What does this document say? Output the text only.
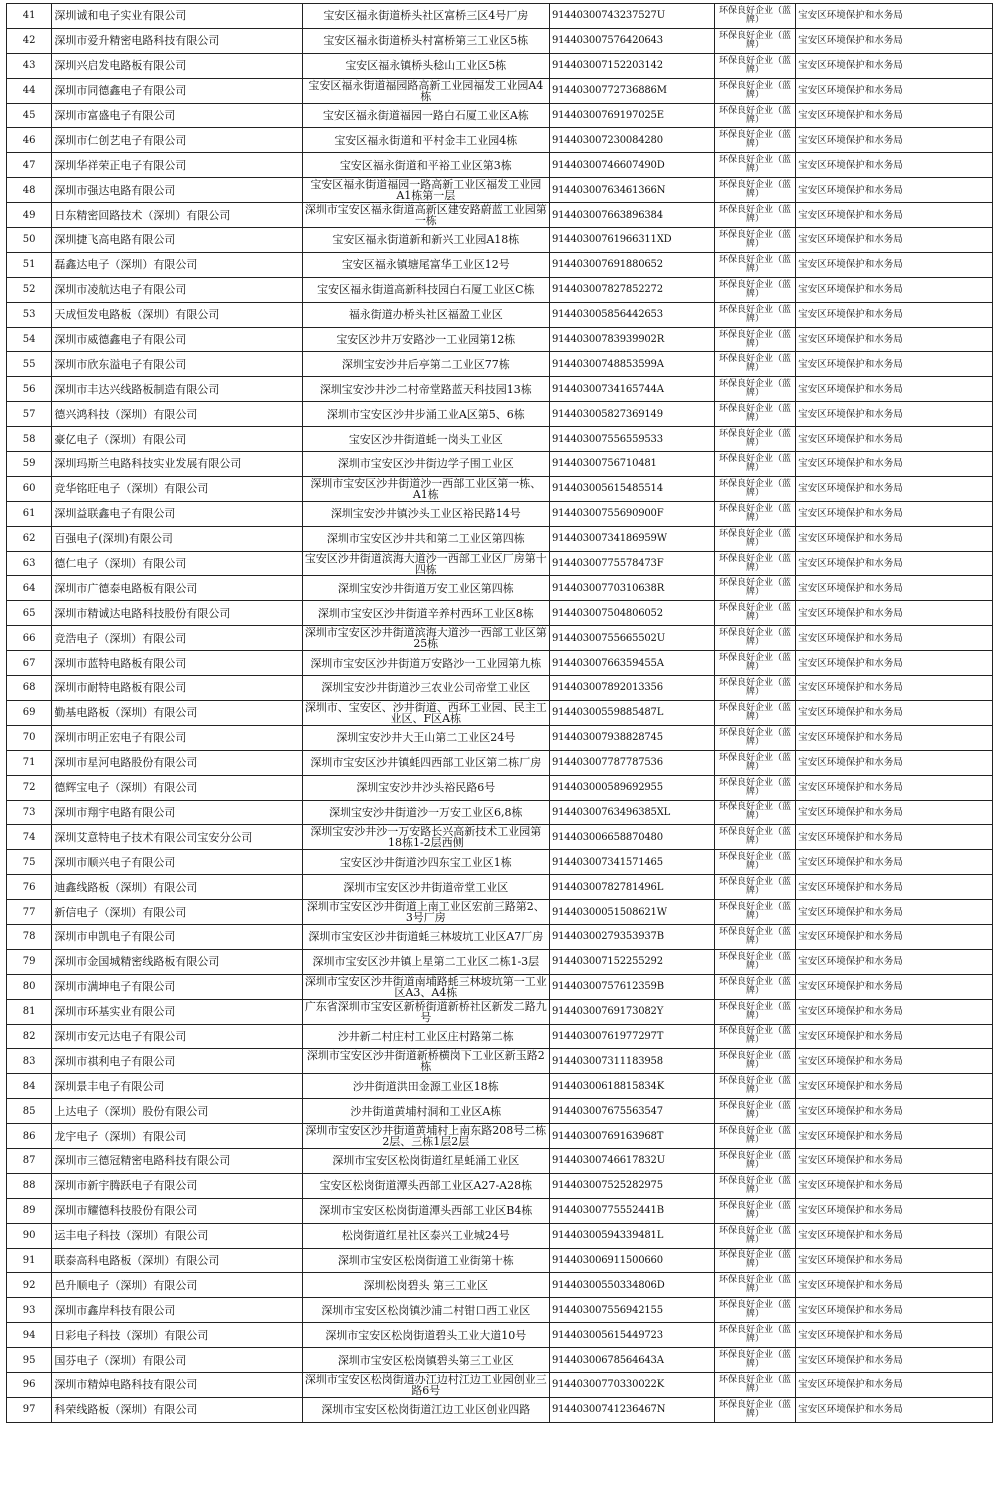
41	深圳诚和电子实业有限公司	宝安区福永街道桥头社区富桥三区4号厂房	91440300743237527U	环保良好企业（蓝牌）	宝安区环境保护和水务局
42	深圳市爱升精密电路科技有限公司	宝安区福永街道桥头村富桥第三工业区5栋	914403007576420643	环保良好企业（蓝牌）	宝安区环境保护和水务局
43	深圳兴启发电路板有限公司	宝安区福永镇桥头稔山工业区5栋	914403007152203142	环保良好企业（蓝牌）	宝安区环境保护和水务局
44	深圳市同德鑫电子有限公司	宝安区福永街道福园路高新工业园福发工业园A4栋	91440300772736886M	环保良好企业（蓝牌）	宝安区环境保护和水务局
45	深圳市富盛电子有限公司	宝安区福永街道福园一路白石厦工业区A栋	91440300769197025E	环保良好企业（蓝牌）	宝安区环境保护和水务局
46	深圳市仁创艺电子有限公司	宝安区福永街道和平村金丰工业园4栋	914403007230084280	环保良好企业（蓝牌）	宝安区环境保护和水务局
47	深圳华祥荣正电子有限公司	宝安区福永街道和平裕工业区第3栋	91440300746607490D	环保良好企业（蓝牌）	宝安区环境保护和水务局
48	深圳市强达电路有限公司	宝安区福永街道福园一路高新工业区福发工业园A1栋第一层	91440300763461366N	环保良好企业（蓝牌）	宝安区环境保护和水务局
49	日东精密回路技术（深圳）有限公司	深圳市宝安区福永街道高新区建安路蔚蓝工业园第一栋	914403007663896384	环保良好企业（蓝牌）	宝安区环境保护和水务局
50	深圳捷飞高电路有限公司	宝安区福永街道新和新兴工业园A18栋	91440300761966311XD	环保良好企业（蓝牌）	宝安区环境保护和水务局
51	磊鑫达电子（深圳）有限公司	宝安区福永镇塘尾富华工业区12号	914403007691880652	环保良好企业（蓝牌）	宝安区环境保护和水务局
52	深圳市凌航达电子有限公司	宝安区福永街道高新科技园白石厦工业区C栋	914403007827852272	环保良好企业（蓝牌）	宝安区环境保护和水务局
53	天成恒发电路板（深圳）有限公司	福永街道办桥头社区福盈工业区	914403005856442653	环保良好企业（蓝牌）	宝安区环境保护和水务局
54	深圳市威德鑫电子有限公司	宝安区沙井万安路沙一工业园第12栋	91440300783939902R	环保良好企业（蓝牌）	宝安区环境保护和水务局
55	深圳市欣东溢电子有限公司	深圳宝安沙井后亭第二工业区77栋	91440300748853599A	环保良好企业（蓝牌）	宝安区环境保护和水务局
56	深圳市丰达兴线路板制造有限公司	深圳宝安沙井沙二村帝堂路蓝天科技园13栋	91440300734165744A	环保良好企业（蓝牌）	宝安区环境保护和水务局
57	德兴鸿科技（深圳）有限公司	深圳市宝安区沙井步涌工业A区第5、6栋	914403005827369149	环保良好企业（蓝牌）	宝安区环境保护和水务局
58	豪亿电子（深圳）有限公司	宝安区沙井街道蚝一岗头工业区	914403007556559533	环保良好企业（蓝牌）	宝安区环境保护和水务局
59	深圳玛斯兰电路科技实业发展有限公司	深圳市宝安区沙井街边学子围工业区	91440300756710481	环保良好企业（蓝牌）	宝安区环境保护和水务局
60	竞华铭旺电子（深圳）有限公司	深圳市宝安区沙井街道沙一西部工业区第一栋、A1栋	914403005615485514	环保良好企业（蓝牌）	宝安区环境保护和水务局
61	深圳益联鑫电子有限公司	深圳宝安沙井镇沙头工业区裕民路14号	91440300755690900F	环保良好企业（蓝牌）	宝安区环境保护和水务局
62	百强电子(深圳)有限公司	深圳市宝安区沙井共和第二工业区第四栋	91440300734186959W	环保良好企业（蓝牌）	宝安区环境保护和水务局
63	德仁电子（深圳）有限公司	宝安区沙井街道滨海大道沙一西部工业区厂房第十四栋	91440300775578473F	环保良好企业（蓝牌）	宝安区环境保护和水务局
64	深圳市广德泰电路板有限公司	深圳宝安沙井街道万安工业区第四栋	91440300770310638R	环保良好企业（蓝牌）	宝安区环境保护和水务局
65	深圳市精诚达电路科技股份有限公司	深圳市宝安区沙井街道辛养村西环工业区8栋	914403007504806052	环保良好企业（蓝牌）	宝安区环境保护和水务局
66	竞浩电子（深圳）有限公司	深圳市宝安区沙井街道滨海大道沙一西部工业区第25栋	91440300755665502U	环保良好企业（蓝牌）	宝安区环境保护和水务局
67	深圳市蓝特电路板有限公司	深圳市宝安区沙井街道万安路沙一工业园第九栋	91440300766359455A	环保良好企业（蓝牌）	宝安区环境保护和水务局
68	深圳市耐特电路板有限公司	深圳宝安沙井街道沙三农业公司帝堂工业区	914403007892013356	环保良好企业（蓝牌）	宝安区环境保护和水务局
69	勤基电路板（深圳）有限公司	深圳市、宝安区、沙井街道、西环工业园、民主工业区、F区A栋	91440300559885487L	环保良好企业（蓝牌）	宝安区环境保护和水务局
70	深圳市明正宏电子有限公司	深圳宝安沙井大王山第二工业区24号	914403007938828745	环保良好企业（蓝牌）	宝安区环境保护和水务局
71	深圳市星河电路股份有限公司	深圳市宝安区沙井镇蚝四西部工业区第二栋厂房	914403007787787536	环保良好企业（蓝牌）	宝安区环境保护和水务局
72	德辉宝电子（深圳）有限公司	深圳宝安沙井沙头裕民路6号	914403000589692955	环保良好企业（蓝牌）	宝安区环境保护和水务局
73	深圳市翔宇电路有限公司	深圳宝安沙井街道沙一万安工业区6,8栋	91440300763496385XL	环保良好企业（蓝牌）	宝安区环境保护和水务局
74	深圳艾意特电子技术有限公司宝安分公司	深圳宝安沙井沙一万安路长兴高新技术工业园第18栋1-2层西侧	914403006658870480	环保良好企业（蓝牌）	宝安区环境保护和水务局
75	深圳市顺兴电子有限公司	宝安区沙井街道沙四东宝工业区1栋	914403007341571465	环保良好企业（蓝牌）	宝安区环境保护和水务局
76	迪鑫线路板（深圳）有限公司	深圳市宝安区沙井街道帝堂工业区	91440300782781496L	环保良好企业（蓝牌）	宝安区环境保护和水务局
77	新信电子（深圳）有限公司	深圳市宝安区沙井街道上南工业区宏前三路第2、3号厂房	91440300051508621W	环保良好企业（蓝牌）	宝安区环境保护和水务局
78	深圳市申凯电子有限公司	深圳市宝安区沙井街道蚝三林坡坑工业区A7厂房	91440300279353937B	环保良好企业（蓝牌）	宝安区环境保护和水务局
79	深圳市金国城精密线路板有限公司	深圳市宝安区沙井镇上星第二工业区二栋1-3层	914403007152255292	环保良好企业（蓝牌）	宝安区环境保护和水务局
80	深圳市满坤电子有限公司	深圳市宝安区沙井街道南埔路蚝三林坡坑第一工业区A3、A4栋	91440300757612359B	环保良好企业（蓝牌）	宝安区环境保护和水务局
81	深圳市环基实业有限公司	广东省深圳市宝安区新桥街道新桥社区新发二路九号	91440300769173082Y	环保良好企业（蓝牌）	宝安区环境保护和水务局
82	深圳市安元达电子有限公司	沙井新二村庄村工业区庄村路第二栋	91440300761977297T	环保良好企业（蓝牌）	宝安区环境保护和水务局
83	深圳市祺利电子有限公司	深圳市宝安区沙井街道新桥横岗下工业区新玉路2栋	914403007311183958	环保良好企业（蓝牌）	宝安区环境保护和水务局
84	深圳景丰电子有限公司	沙井街道洪田金源工业区18栋	91440300618815834K	环保良好企业（蓝牌）	宝安区环境保护和水务局
85	上达电子（深圳）股份有限公司	沙井街道黄埔村洞和工业区A栋	914403007675563547	环保良好企业（蓝牌）	宝安区环境保护和水务局
86	龙宇电子（深圳）有限公司	深圳市宝安区沙井街道黄埔村上南东路208号二栋2层、三栋1层2层	91440300769163968T	环保良好企业（蓝牌）	宝安区环境保护和水务局
87	深圳市三德冠精密电路科技有限公司	深圳市宝安区松岗街道红星蚝涌工业区	91440300746617832U	环保良好企业（蓝牌）	宝安区环境保护和水务局
88	深圳市新宇腾跃电子有限公司	宝安区松岗街道潭头西部工业区A27-A28栋	914403007525282975	环保良好企业（蓝牌）	宝安区环境保护和水务局
89	深圳市耀德科技股份有限公司	深圳市宝安区松岗街道潭头西部工业区B4栋	91440300775552441B	环保良好企业（蓝牌）	宝安区环境保护和水务局
90	运丰电子科技（深圳）有限公司	松岗街道红星社区泰兴工业城24号	91440300594339481L	环保良好企业（蓝牌）	宝安区环境保护和水务局
91	联泰高科电路板（深圳）有限公司	深圳市宝安区松岗街道工业街第十栋	914403006911500660	环保良好企业（蓝牌）	宝安区环境保护和水务局
92	邑升顺电子（深圳）有限公司	深圳松岗碧头 第三工业区	91440300550334806D	环保良好企业（蓝牌）	宝安区环境保护和水务局
93	深圳市鑫岸科技有限公司	深圳市宝安区松岗镇沙浦二村钳口西工业区	914403007556942155	环保良好企业（蓝牌）	宝安区环境保护和水务局
94	日彩电子科技（深圳）有限公司	深圳市宝安区松岗街道碧头工业大道10号	914403005615449723	环保良好企业（蓝牌）	宝安区环境保护和水务局
95	国芬电子（深圳）有限公司	深圳市宝安区松岗镇碧头第三工业区	91440300678564643A	环保良好企业（蓝牌）	宝安区环境保护和水务局
96	深圳市精焯电路科技有限公司	深圳市宝安区松岗街道办江边村江边工业园创业三路6号	91440300770330022K	环保良好企业（蓝牌）	宝安区环境保护和水务局
97	科荣线路板（深圳）有限公司	深圳市宝安区松岗街道江边工业区创业四路	91440300741236467N	环保良好企业（蓝牌）	宝安区环境保护和水务局
